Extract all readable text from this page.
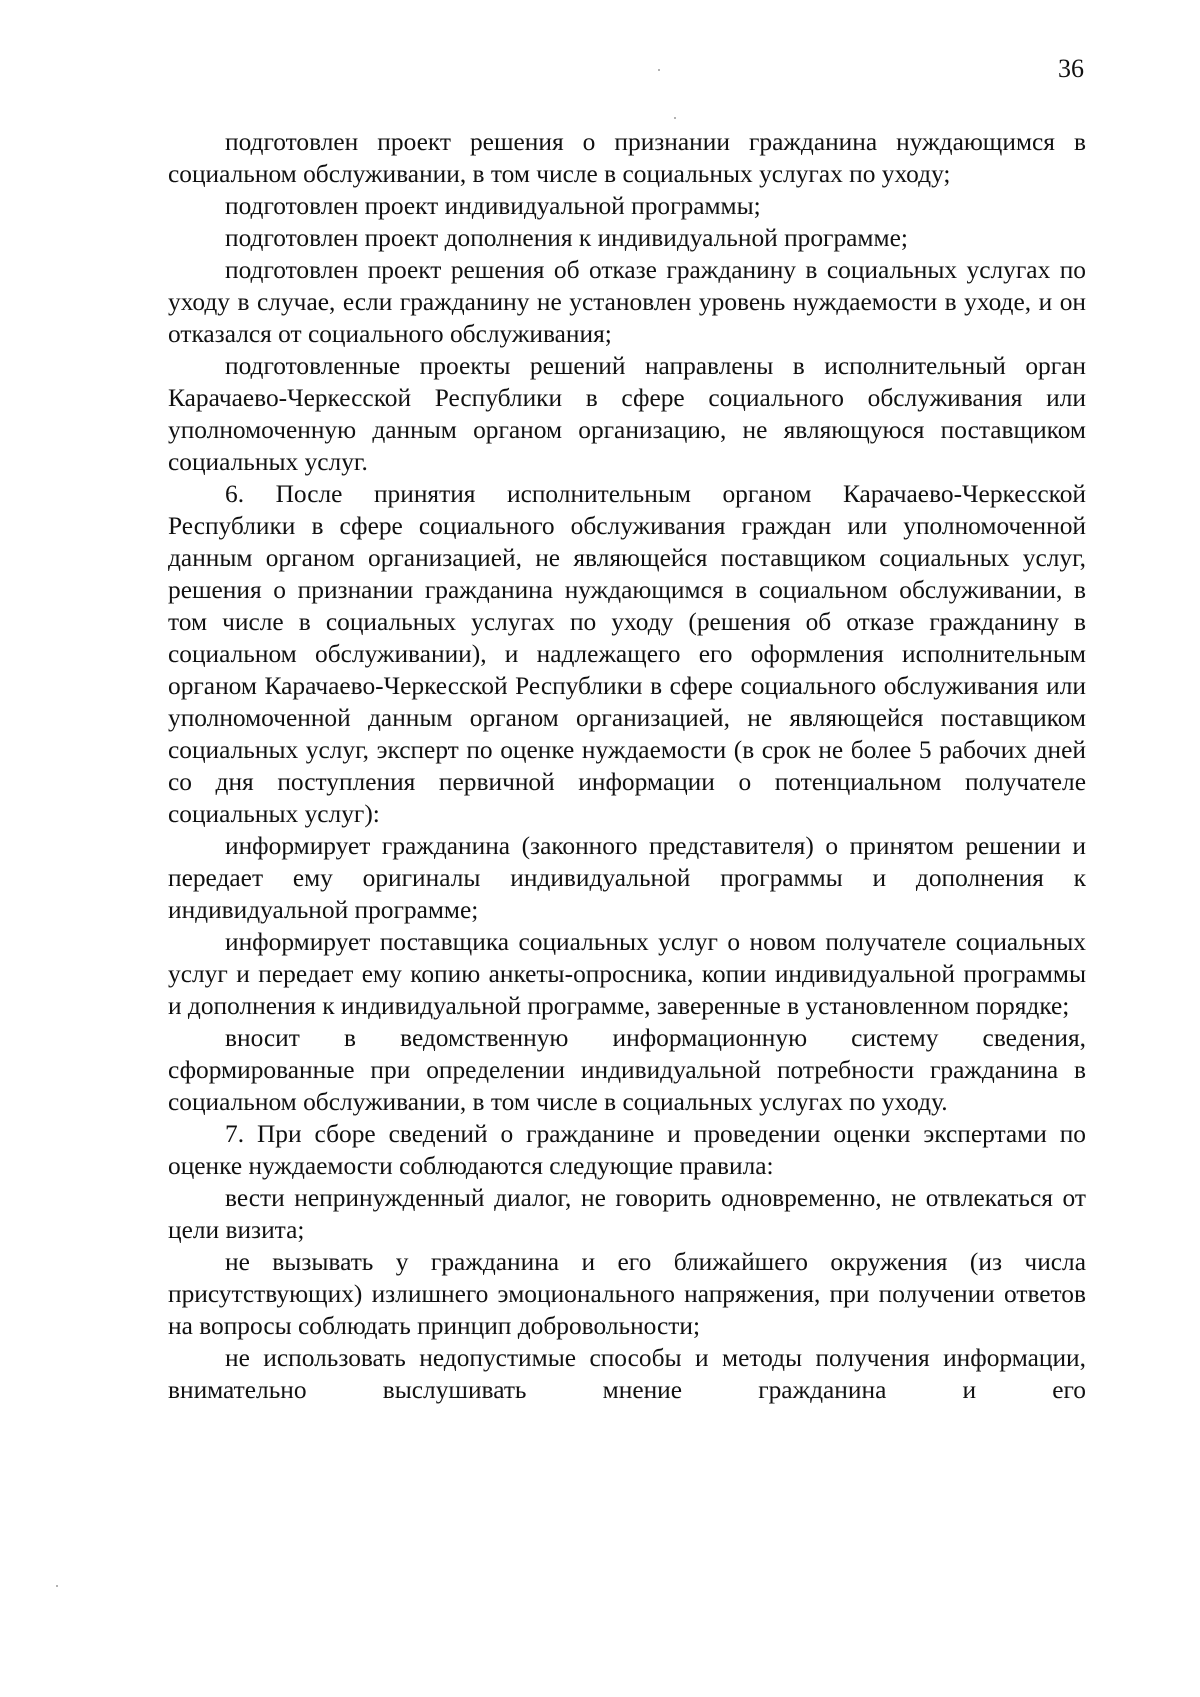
36

подготовлен проект решения о признании гражданина нуждающимся в социальном обслуживании, в том числе в социальных услугах по уходу;

подготовлен проект индивидуальной программы;

подготовлен проект дополнения к индивидуальной программе;

подготовлен проект решения об отказе гражданину в социальных услугах по уходу в случае, если гражданину не установлен уровень нуждаемости в уходе, и он отказался от социального обслуживания;

подготовленные проекты решений направлены в исполнительный орган Карачаево-Черкесской Республики в сфере социального обслуживания или уполномоченную данным органом организацию, не являющуюся поставщиком социальных услуг.

6. После принятия исполнительным органом Карачаево-Черкесской Республики в сфере социального обслуживания граждан или уполномоченной данным органом организацией, не являющейся поставщиком социальных услуг, решения о признании гражданина нуждающимся в социальном обслуживании, в том числе в социальных услугах по уходу (решения об отказе гражданину в социальном обслуживании), и надлежащего его оформления исполнительным органом Карачаево-Черкесской Республики в сфере социального обслуживания или уполномоченной данным органом организацией, не являющейся поставщиком социальных услуг, эксперт по оценке нуждаемости (в срок не более 5 рабочих дней со дня поступления первичной информации о потенциальном получателе социальных услуг):

информирует гражданина (законного представителя) о принятом решении и передает ему оригиналы индивидуальной программы и дополнения к индивидуальной программе;

информирует поставщика социальных услуг о новом получателе социальных услуг и передает ему копию анкеты-опросника, копии индивидуальной программы и дополнения к индивидуальной программе, заверенные в установленном порядке;

вносит в ведомственную информационную систему сведения, сформированные при определении индивидуальной потребности гражданина в социальном обслуживании, в том числе в социальных услугах по уходу.

7. При сборе сведений о гражданине и проведении оценки экспертами по оценке нуждаемости соблюдаются следующие правила:

вести непринужденный диалог, не говорить одновременно, не отвлекаться от цели визита;

не вызывать у гражданина и его ближайшего окружения (из числа присутствующих) излишнего эмоционального напряжения, при получении ответов на вопросы соблюдать принцип добровольности;

не использовать недопустимые способы и методы получения информации, внимательно выслушивать мнение гражданина и его
